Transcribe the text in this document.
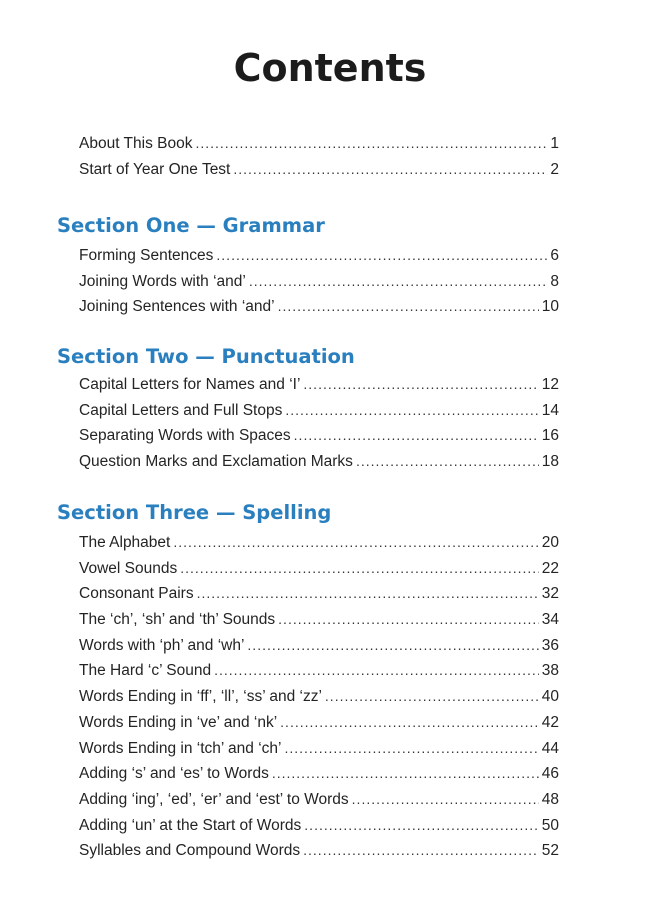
Contents
About This Book .....	1
Start of Year One Test .....	2
Section One — Grammar
Forming Sentences .....	6
Joining Words with ‘and’ .....	8
Joining Sentences with ‘and’ .....	10
Section Two — Punctuation
Capital Letters for Names and ‘I’ .....	12
Capital Letters and Full Stops .....	14
Separating Words with Spaces .....	16
Question Marks and Exclamation Marks .....	18
Section Three — Spelling
The Alphabet .....	20
Vowel Sounds .....	22
Consonant Pairs .....	32
The ‘ch’, ‘sh’ and ‘th’ Sounds .....	34
Words with ‘ph’ and ‘wh’ .....	36
The Hard ‘c’ Sound .....	38
Words Ending in ‘ff’, ‘ll’, ‘ss’ and ‘zz’ .....	40
Words Ending in ‘ve’ and ‘nk’ .....	42
Words Ending in ‘tch’ and ‘ch’ .....	44
Adding ‘s’ and ‘es’ to Words .....	46
Adding ‘ing’, ‘ed’, ‘er’ and ‘est’ to Words .....	48
Adding ‘un’ at the Start of Words .....	50
Syllables and Compound Words .....	52
